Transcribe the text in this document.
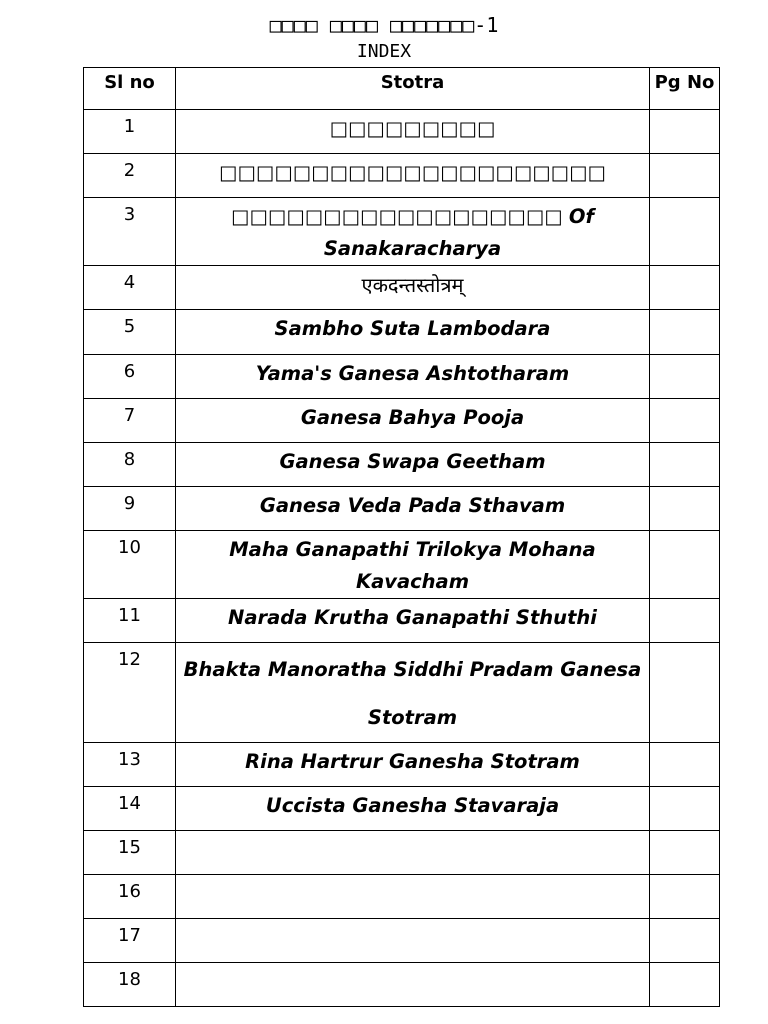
□□□□ □□□□ □□□□□□□-1
INDEX
Sl no	Stotra	Pg No
1	□□□□□□□□□	
2	□□□□□□□□□□□□□□□□□□□□□	
3	□□□□□□□□□□□□□□□□□□ Of Sanakaracharya	
4	एकदन्तस्तोत्रम्	
5	Sambho Suta Lambodara	
6	Yama's Ganesa Ashtotharam	
7	Ganesa Bahya Pooja	
8	Ganesa Swapa Geetham	
9	Ganesa Veda Pada Sthavam	
10	Maha Ganapathi Trilokya Mohana Kavacham	
11	Narada Krutha Ganapathi Sthuthi	
12	Bhakta Manoratha Siddhi Pradam Ganesa Stotram	
13	Rina Hartrur Ganesha Stotram	
14	Uccista Ganesha Stavaraja	
15		
16		
17		
18		
